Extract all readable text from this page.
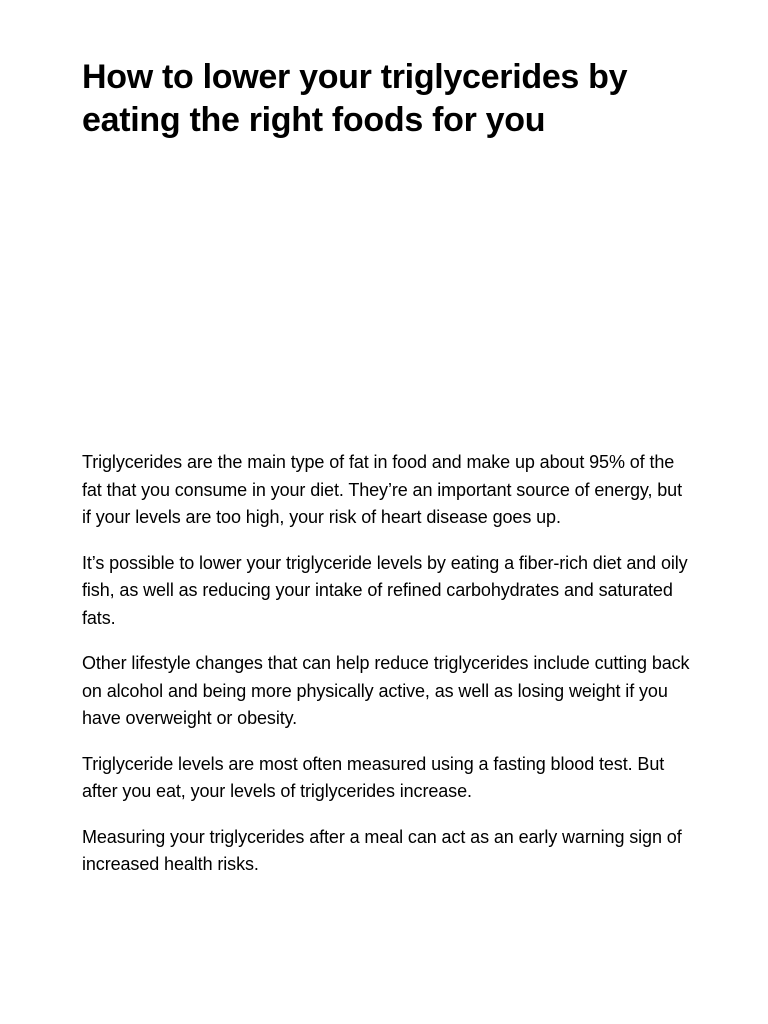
How to lower your triglycerides by eating the right foods for you

Triglycerides are the main type of fat in food and make up about 95% of the fat that you consume in your diet. They’re an important source of energy, but if your levels are too high, your risk of heart disease goes up.

It’s possible to lower your triglyceride levels by eating a fiber-rich diet and oily fish, as well as reducing your intake of refined carbohydrates and saturated fats.

Other lifestyle changes that can help reduce triglycerides include cutting back on alcohol and being more physically active, as well as losing weight if you have overweight or obesity.

Triglyceride levels are most often measured using a fasting blood test. But after you eat, your levels of triglycerides increase.

Measuring your triglycerides after a meal can act as an early warning sign of increased health risks.
